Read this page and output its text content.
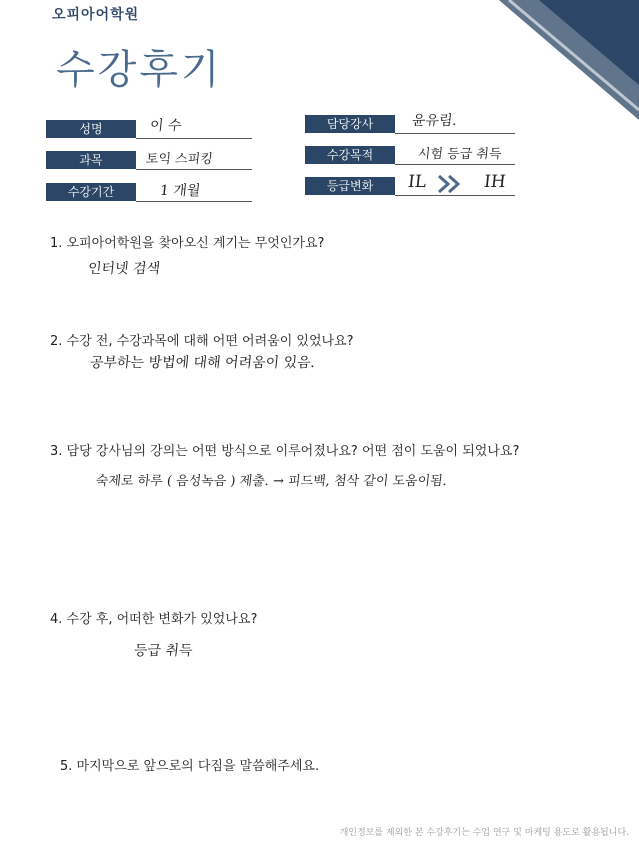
오피아어학원
수강후기
성명	이 수
과목	토익 스피킹
수강기간	1 개월
담당강사	윤유림.
수강목적	시험 등급 취득
등급변화	IL	IH
1. 오피아어학원을 찾아오신 계기는 무엇인가요?
인터넷 검색
2. 수강 전, 수강과목에 대해 어떤 어려움이 있었나요?
공부하는 방법에 대해 어려움이 있음.
3. 담당 강사님의 강의는 어떤 방식으로 이루어졌나요? 어떤 점이 도움이 되었나요?
숙제로 하루 ( 음성녹음 ) 제출. → 피드백, 첨삭 같이 도움이됨.
4. 수강 후, 어떠한 변화가 있었나요?
등급 취득
5. 마지막으로 앞으로의 다짐을 말씀해주세요.
개인정보를 제외한 본 수강후기는 수업 연구 및 마케팅 용도로 활용됩니다.
